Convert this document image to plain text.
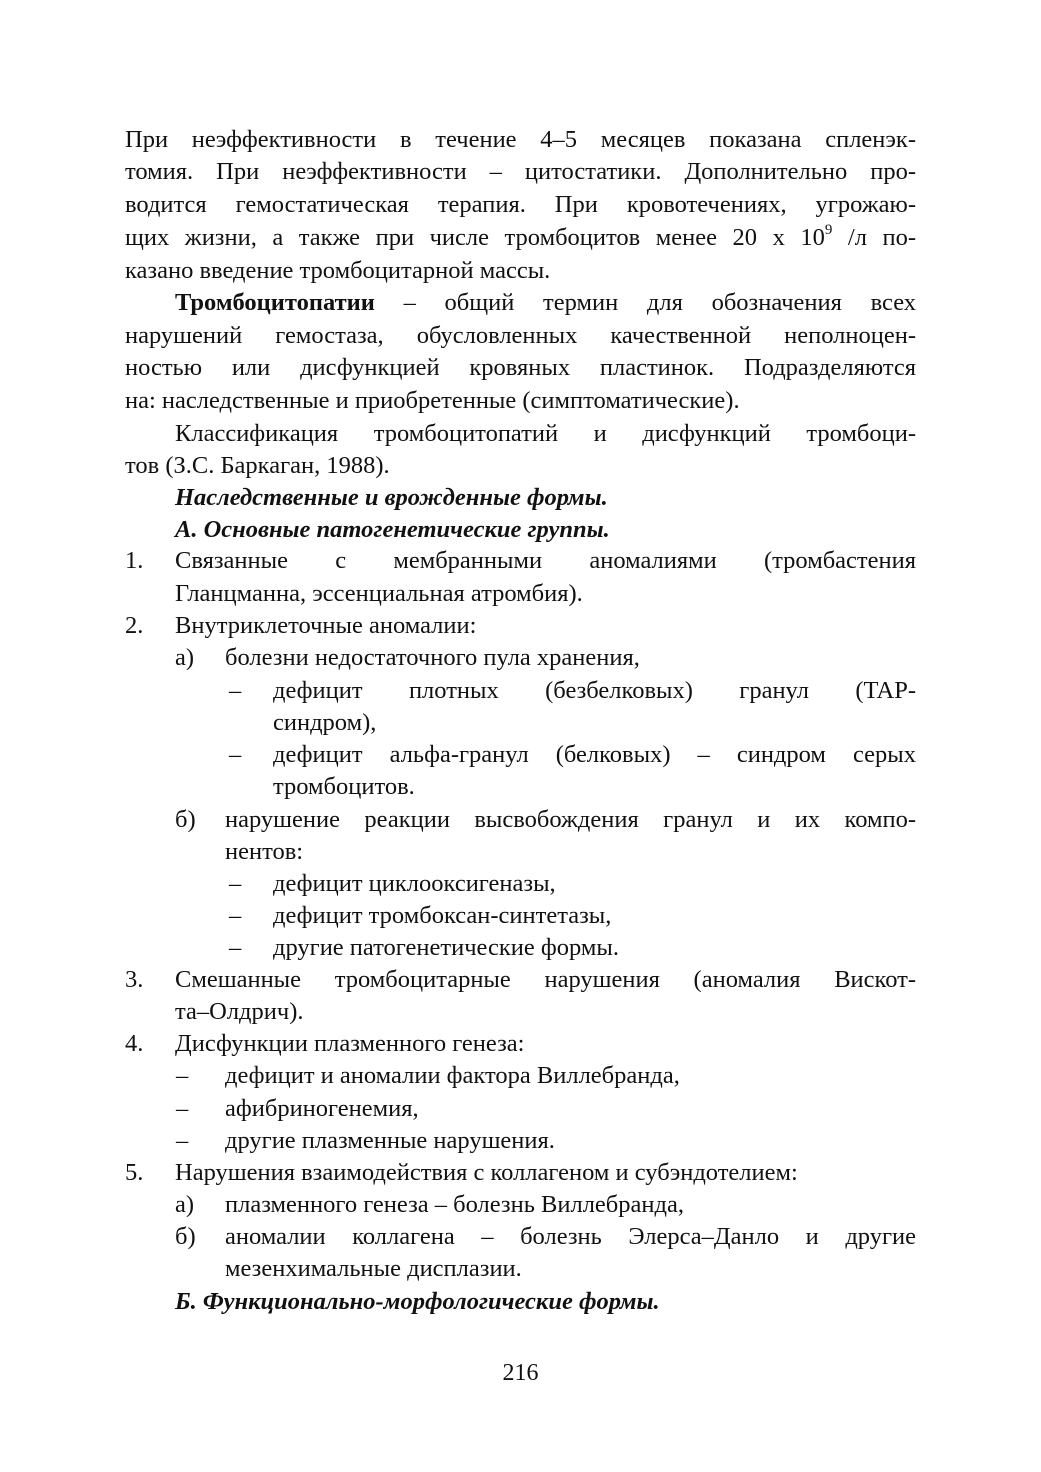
При неэффективности в течение 4–5 месяцев показана спленэк-
томия. При неэффективности – цитостатики. Дополнительно про-
водится гемостатическая терапия. При кровотечениях, угрожаю-
щих жизни, а также при числе тромбоцитов менее 20 х $10^9$ /л по-
казано введение тромбоцитарной массы.
Тромбоцитопатии – общий термин для обозначения всех
нарушений гемостаза, обусловленных качественной неполноцен-
ностью или дисфункцией кровяных пластинок. Подразделяются
на: наследственные и приобретенные (симптоматические).
Классификация тромбоцитопатий и дисфункций тромбоци-
тов (З.С. Баркаган, 1988).
Наследственные и врожденные формы.
А. Основные патогенетические группы.
1. Связанные с мембранными аномалиями (тромбастения
Гланцманна, эссенциальная атромбия).
2. Внутриклеточные аномалии:
а) болезни недостаточного пула хранения,
– дефицит плотных (безбелковых) гранул (TAP-
синдром),
– дефицит альфа-гранул (белковых) – синдром серых
тромбоцитов.
б) нарушение реакции высвобождения гранул и их компо-
нентов:
– дефицит циклооксигеназы,
– дефицит тромбоксан-синтетазы,
– другие патогенетические формы.
3. Смешанные тромбоцитарные нарушения (аномалия Вискот-
та–Олдрич).
4. Дисфункции плазменного генеза:
– дефицит и аномалии фактора Виллебранда,
– афибриногенемия,
– другие плазменные нарушения.
5. Нарушения взаимодействия с коллагеном и субэндотелием:
а) плазменного генеза – болезнь Виллебранда,
б) аномалии коллагена – болезнь Элерса–Данло и другие
мезенхимальные дисплазии.
Б. Функционально-морфологические формы.
216
